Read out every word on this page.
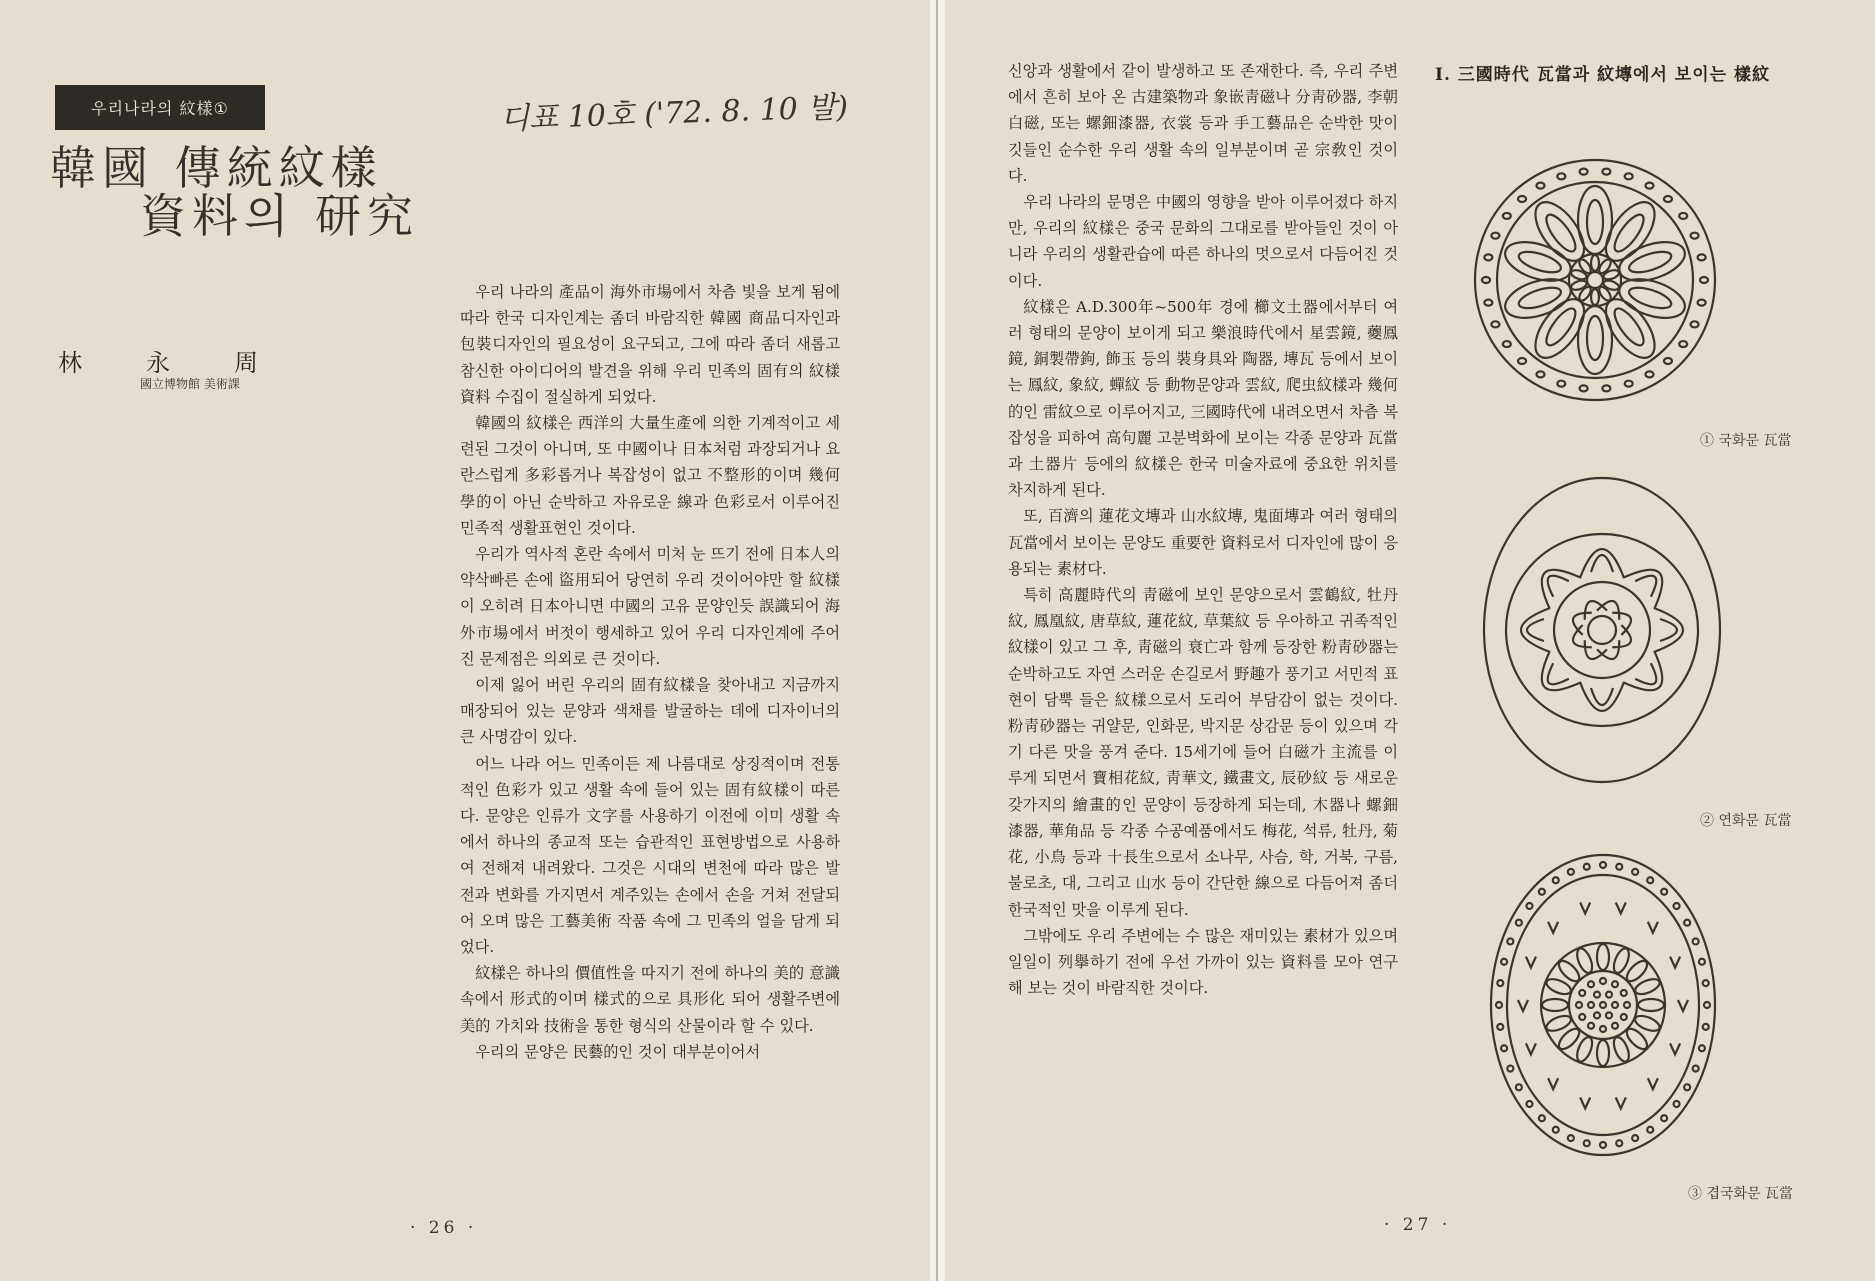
우리나라의 紋樣①	디표 10호 ('72. 8. 10 발)
韓國 傳統紋樣
資料의 研究
林	永	周
國立博物館 美術課

우리 나라의 產品이 海外市場에서 차츰 빛을 보게 됨에 따라 한국 디자인계는 좀더 바람직한 韓國 商品디자인과 包裝디자인의 필요성이 요구되고, 그에 따라 좀더 새롭고 참신한 아이디어의 발견을 위해 우리 민족의 固有의 紋樣資料 수집이 절실하게 되었다.

韓國의 紋樣은 西洋의 大量生產에 의한 기계적이고 세련된 그것이 아니며, 또 中國이나 日本처럼 과장되거나 요란스럽게 多彩롭거나 복잡성이 없고 不整形的이며 幾何學的이 아닌 순박하고 자유로운 線과 色彩로서 이루어진 민족적 생활표현인 것이다.

우리가 역사적 혼란 속에서 미처 눈 뜨기 전에 日本人의 약삭빠른 손에 盜用되어 당연히 우리 것이어야만 할 紋樣이 오히려 日本아니면 中國의 고유 문양인듯 誤識되어 海外市場에서 버젓이 행세하고 있어 우리 디자인계에 주어진 문제점은 의외로 큰 것이다.

이제 잃어 버린 우리의 固有紋樣을 찾아내고 지금까지 매장되어 있는 문양과 색채를 발굴하는 데에 디자이너의 큰 사명감이 있다.

어느 나라 어느 민족이든 제 나름대로 상징적이며 전통적인 色彩가 있고 생활 속에 들어 있는 固有紋樣이 따른다. 문양은 인류가 文字를 사용하기 이전에 이미 생활 속에서 하나의 종교적 또는 습관적인 표현방법으로 사용하여 전해져 내려왔다. 그것은 시대의 변천에 따라 많은 발전과 변화를 가지면서 계주있는 손에서 손을 거쳐 전달되어 오며 많은 工藝美術 작품 속에 그 민족의 얼을 담게 되었다.

紋樣은 하나의 價值性을 따지기 전에 하나의 美的 意識 속에서 形式的이며 樣式的으로 具形化 되어 생활주변에 美的 가치와 技術을 통한 형식의 산물이라 할 수 있다.

우리의 문양은 民藝的인 것이 대부분이어서

· 26 ·

신앙과 생활에서 같이 발생하고 또 존재한다. 즉, 우리 주변에서 흔히 보아 온 古建築物과 象嵌靑磁나 分靑砂器, 李朝白磁, 또는 螺鈿漆器, 衣裳 등과 手工藝品은 순박한 맛이 깃들인 순수한 우리 생활 속의 일부분이며 곧 宗敎인 것이다.

우리 나라의 문명은 中國의 영향을 받아 이루어졌다 하지만, 우리의 紋樣은 중국 문화의 그대로를 받아들인 것이 아니라 우리의 생활관습에 따른 하나의 멋으로서 다듬어진 것이다.

紋樣은 A.D.300年~500年 경에 櫛文土器에서부터 여러 형태의 문양이 보이게 되고 樂浪時代에서 星雲鏡, 虁鳳鏡, 銅製帶鉤, 飾玉 등의 裝身具와 陶器, 塼瓦 등에서 보이는 鳳紋, 象紋, 蟬紋 등 動物문양과 雲紋, 爬虫紋樣과 幾何的인 雷紋으로 이루어지고, 三國時代에 내려오면서 차츰 복잡성을 피하여 高句麗 고분벽화에 보이는 각종 문양과 瓦當과 土器片 등에의 紋樣은 한국 미술자료에 중요한 위치를 차지하게 된다.

또, 百濟의 蓮花文塼과 山水紋塼, 鬼面塼과 여러 형태의 瓦當에서 보이는 문양도 重要한 資料로서 디자인에 많이 응용되는 素材다.

특히 高麗時代의 靑磁에 보인 문양으로서 雲鶴紋, 牡丹紋, 鳳凰紋, 唐草紋, 蓮花紋, 草葉紋 등 우아하고 귀족적인 紋樣이 있고 그 후, 靑磁의 衰亡과 함께 등장한 粉靑砂器는 순박하고도 자연 스러운 손길로서 野趣가 풍기고 서민적 표현이 담뿍 들은 紋樣으로서 도리어 부담감이 없는 것이다. 粉靑砂器는 귀얄문, 인화문, 박지문 상감문 등이 있으며 각기 다른 맛을 풍겨 준다. 15세기에 들어 白磁가 主流를 이루게 되면서 寶相花紋, 靑華文, 鐵畫文, 辰砂紋 등 새로운 갖가지의 繪畫的인 문양이 등장하게 되는데, 木器나 螺鈿漆器, 華角品 등 각종 수공예품에서도 梅花, 석류, 牡丹, 菊花, 小鳥 등과 十長生으로서 소나무, 사슴, 학, 거북, 구름, 불로초, 대, 그리고 山水 등이 간단한 線으로 다듬어져 좀더 한국적인 맛을 이루게 된다.

그밖에도 우리 주변에는 수 많은 재미있는 素材가 있으며 일일이 列擧하기 전에 우선 가까이 있는 資料를 모아 연구해 보는 것이 바람직한 것이다.

I. 三國時代 瓦當과 紋塼에서 보이는 樣紋
① 국화문 瓦當
② 연화문 瓦當
③ 겹국화문 瓦當
· 27 ·
